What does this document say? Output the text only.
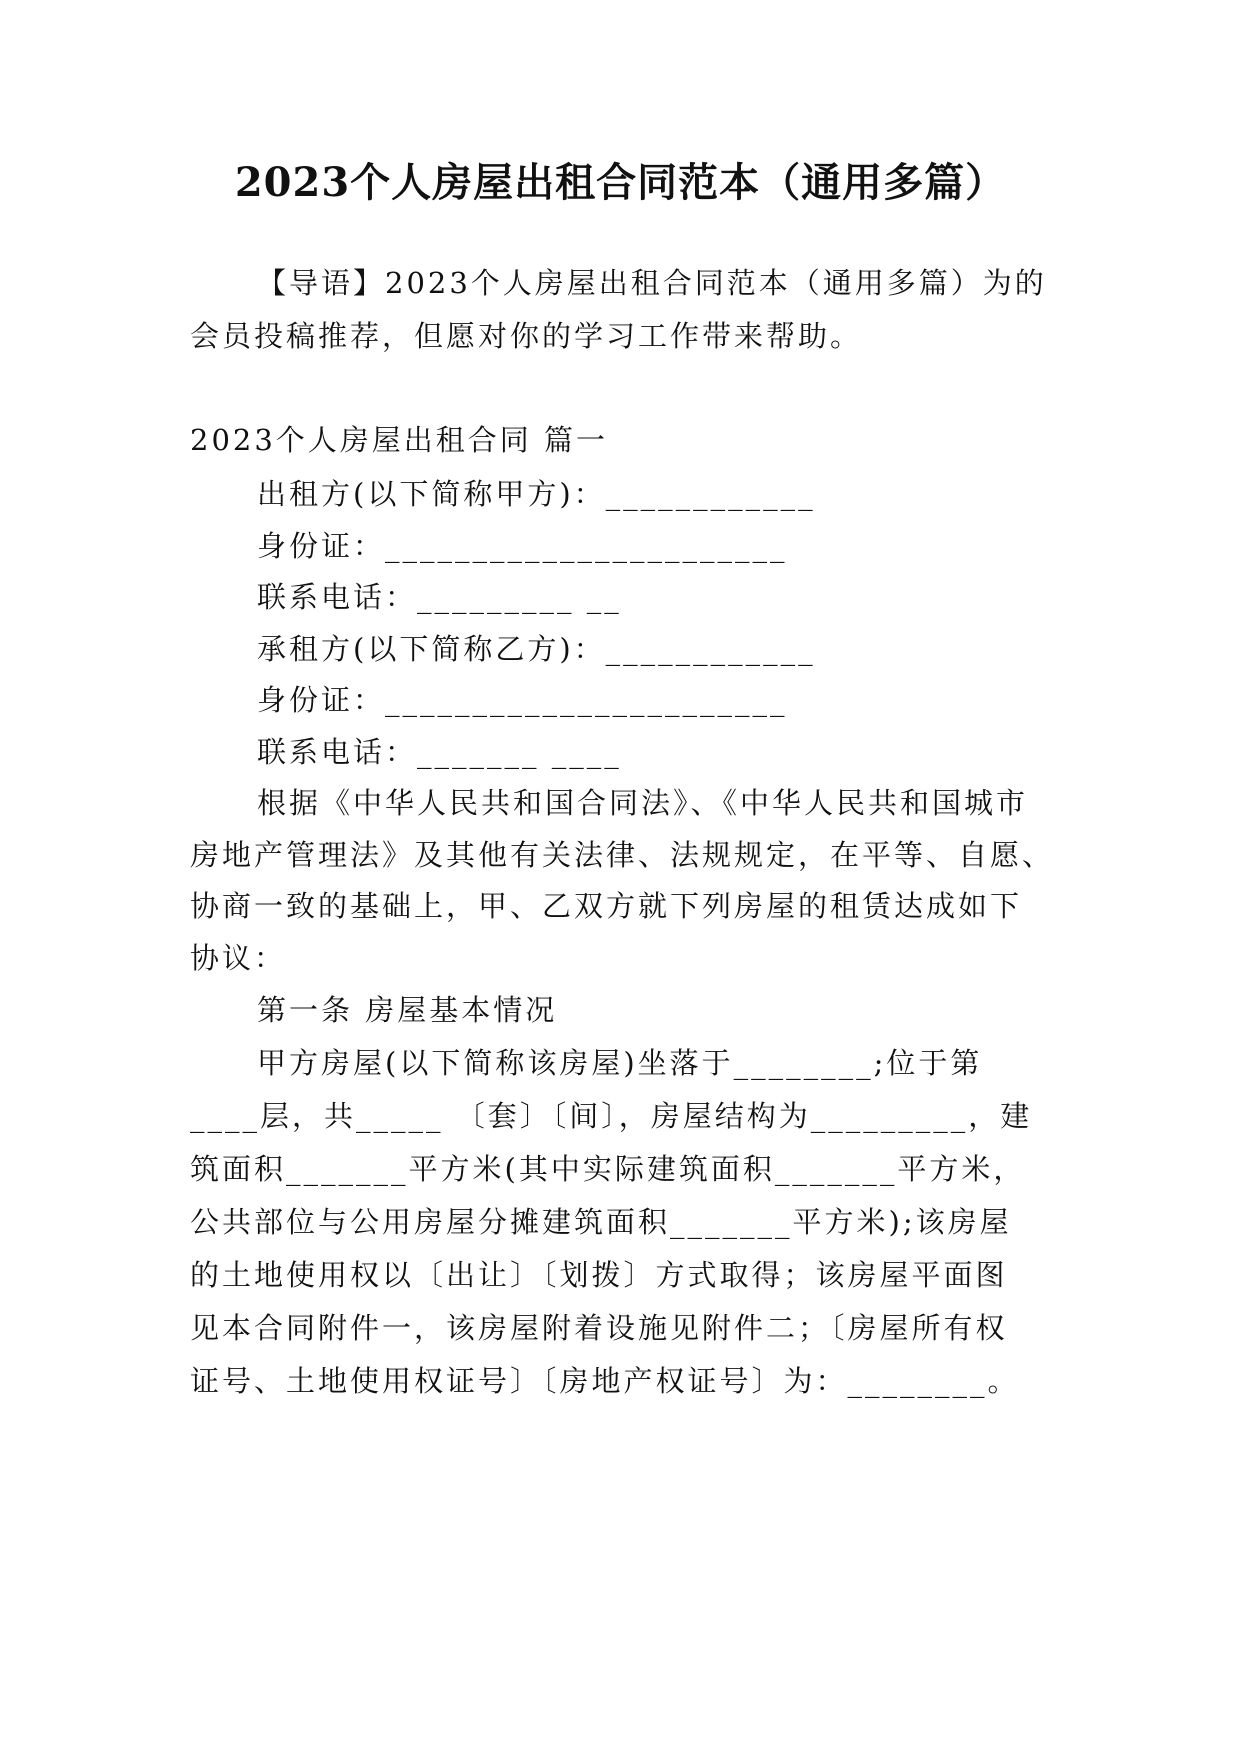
2023个人房屋出租合同范本（通用多篇）
【导语】2023个人房屋出租合同范本（通用多篇）为的
会员投稿推荐，但愿对你的学习工作带来帮助。
2023个人房屋出租合同 篇一
出租方(以下简称甲方)：____________
身份证：_______________________
联系电话：_________ __
承租方(以下简称乙方)：____________
身份证：_______________________
联系电话：_______ ____
根据《中华人民共和国合同法》、《中华人民共和国城市
房地产管理法》及其他有关法律、法规规定，在平等、自愿、
协商一致的基础上，甲、乙双方就下列房屋的租赁达成如下
协议：
第一条 房屋基本情况
甲方房屋(以下简称该房屋)坐落于________;位于第
____层，共_____ 〔套〕〔间〕，房屋结构为_________，建
筑面积_______平方米(其中实际建筑面积_______平方米，
公共部位与公用房屋分摊建筑面积_______平方米);该房屋
的土地使用权以〔出让〕〔划拨〕方式取得；该房屋平面图
见本合同附件一，该房屋附着设施见附件二；〔房屋所有权
证号、土地使用权证号〕〔房地产权证号〕为：________。
